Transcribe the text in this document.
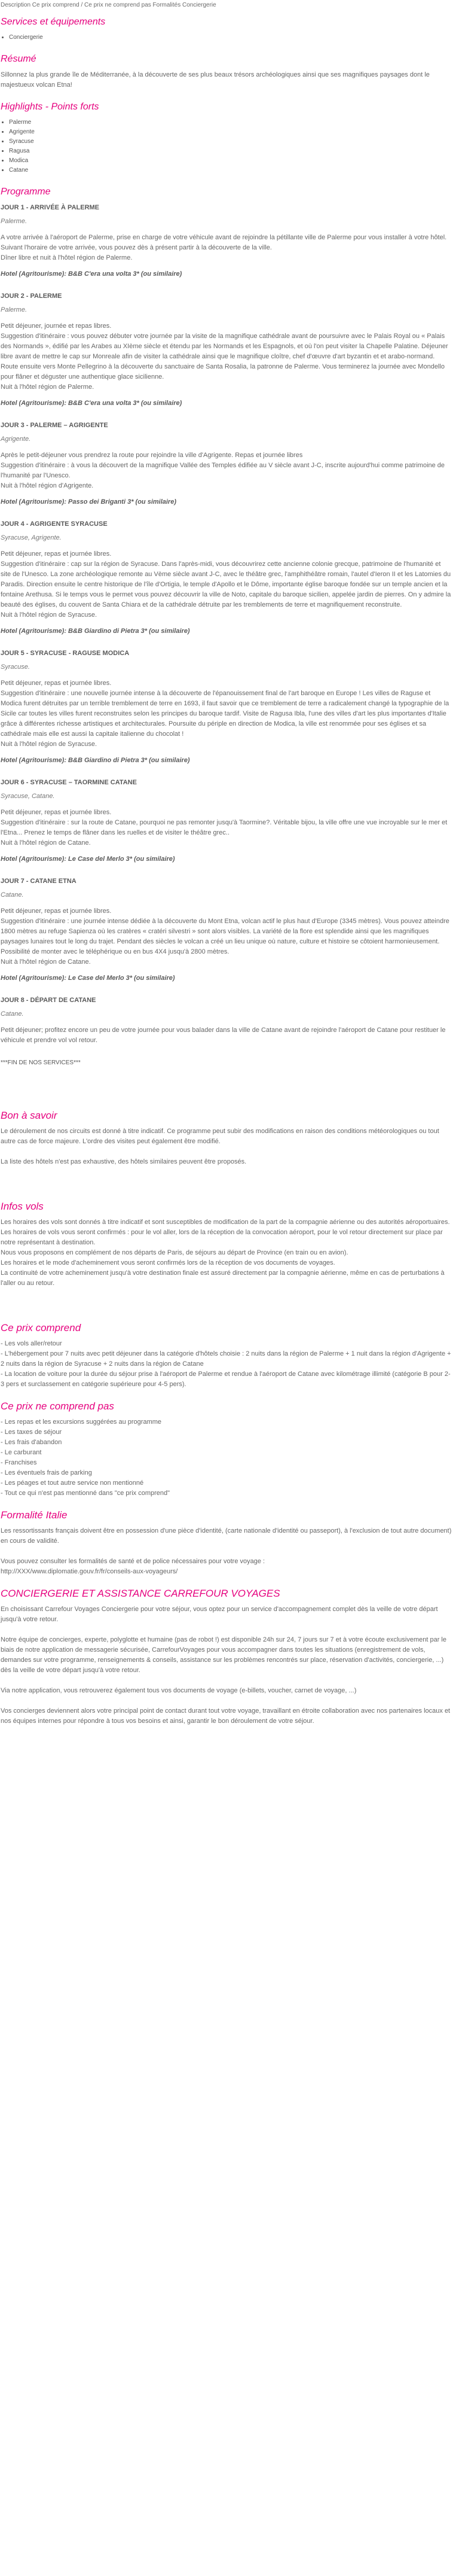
Description Ce prix comprend / Ce prix ne comprend pas Formalités Conciergerie
Services et équipements
• Conciergerie
Résumé

Sillonnez la plus grande île de Méditerranée, à la découverte de ses plus beaux trésors archéologiques ainsi que ses magnifiques paysages dont le majestueux volcan Etna!

Highlights - Points forts
• Palerme
• Agrigente
• Syracuse
• Ragusa
• Modica
• Catane
Programme

JOUR 1 - ARRIVÉE À PALERME

Palerme.

A votre arrivée à l'aéroport de Palerme, prise en charge de votre véhicule avant de rejoindre la pétillante ville de Palerme pour vous installer à votre hôtel. Suivant l'horaire de votre arrivée, vous pouvez dès à présent partir à la découverte de la ville.
Dîner libre et nuit à l'hôtel région de Palerme.

Hotel (Agritourisme): B&B C'era una volta 3* (ou similaire)

JOUR 2 - PALERME

Palerme.

Petit déjeuner, journée et repas libres.
Suggestion d'itinéraire : vous pouvez débuter votre journée par la visite de la magnifique cathédrale avant de poursuivre avec le Palais Royal ou « Palais des Normands », édifié par les Arabes au XIème siècle et étendu par les Normands et les Espagnols, et où l'on peut visiter la Chapelle Palatine. Déjeuner libre avant de mettre le cap sur Monreale afin de visiter la cathédrale ainsi que le magnifique cloître, chef d'œuvre d'art byzantin et et arabo-normand. Route ensuite vers Monte Pellegrino à la découverte du sanctuaire de Santa Rosalia, la patronne de Palerme. Vous terminerez la journée avec Mondello pour flâner et déguster une authentique glace sicilienne.
Nuit à l'hôtel région de Palerme.

Hotel (Agritourisme): B&B C'era una volta 3* (ou similaire)

JOUR 3 - PALERME – AGRIGENTE

Agrigente.

Après le petit-déjeuner vous prendrez la route pour rejoindre la ville d'Agrigente. Repas et journée libres
Suggestion d'itinéraire : à vous la découvert de la magnifique Vallée des Temples édifiée au V siècle avant J-C, inscrite aujourd'hui comme patrimoine de l'humanité par l'Unesco.
Nuit à l'hôtel région d'Agrigente.

Hotel (Agritourisme): Passo dei Briganti 3* (ou similaire)

JOUR 4 - AGRIGENTE SYRACUSE

Syracuse, Agrigente.

Petit déjeuner, repas et journée libres.
Suggestion d'itinéraire : cap sur la région de Syracuse. Dans l'après-midi, vous découvrirez cette ancienne colonie grecque, patrimoine de l'humanité et site de l'Unesco. La zone archéologique remonte au Vème siècle avant J-C, avec le théâtre grec, l'amphithéâtre romain, l'autel d'Ieron II et les Latomies du Paradis. Direction ensuite le centre historique de l'île d'Ortigia, le temple d'Apollo et le Dôme, importante église baroque fondée sur un temple ancien et la fontaine Arethusa. Si le temps vous le permet vous pouvez découvrir la ville de Noto, capitale du baroque sicilien, appelée jardin de pierres. On y admire la beauté des églises, du couvent de Santa Chiara et de la cathédrale détruite par les tremblements de terre et magnifiquement reconstruite.
Nuit à l'hôtel région de Syracuse.

Hotel (Agritourisme): B&B Giardino di Pietra 3* (ou similaire)

JOUR 5 - SYRACUSE - RAGUSE MODICA

Syracuse.

Petit déjeuner, repas et journée libres.
Suggestion d'itinéraire : une nouvelle journée intense à la découverte de l'épanouissement final de l'art baroque en Europe ! Les villes de Raguse et Modica furent détruites par un terrible tremblement de terre en 1693, il faut savoir que ce tremblement de terre a radicalement changé la typographie de la Sicile car toutes les villes furent reconstruites selon les principes du baroque tardif. Visite de Ragusa Ibla, l'une des villes d'art les plus importantes d'Italie grâce à différentes richesse artistiques et architecturales. Poursuite du périple en direction de Modica, la ville est renommée pour ses églises et sa cathédrale mais elle est aussi la capitale italienne du chocolat !
Nuit à l'hôtel région de Syracuse.

Hotel (Agritourisme): B&B Giardino di Pietra 3* (ou similaire)

JOUR 6 - SYRACUSE – TAORMINE CATANE

Syracuse, Catane.

Petit déjeuner, repas et journée libres.
Suggestion d'itinéraire : sur la route de Catane, pourquoi ne pas remonter jusqu'à Taormine?. Véritable bijou, la ville offre une vue incroyable sur le mer et l'Etna... Prenez le temps de flâner dans les ruelles et de visiter le théâtre grec..
Nuit à l'hôtel région de Catane.

Hotel (Agritourisme): Le Case del Merlo 3* (ou similaire)

JOUR 7 - CATANE ETNA

Catane.

Petit déjeuner, repas et journée libres.
Suggestion d'itinéraire : une journée intense dédiée à la découverte du Mont Etna, volcan actif le plus haut d'Europe (3345 mètres). Vous pouvez atteindre 1800 mètres au refuge Sapienza où les cratères « cratéri silvestri » sont alors visibles. La variété de la flore est splendide ainsi que les magnifiques paysages lunaires tout le long du trajet. Pendant des siècles le volcan a créé un lieu unique où nature, culture et histoire se côtoient harmonieusement. Possibilité de monter avec le téléphérique ou en bus 4X4 jusqu'à 2800 mètres.
Nuit à l'hôtel région de Catane.

Hotel (Agritourisme): Le Case del Merlo 3* (ou similaire)

JOUR 8 - DÉPART DE CATANE

Catane.

Petit déjeuner; profitez encore un peu de votre journée pour vous balader dans la ville de Catane avant de rejoindre l'aéroport de Catane pour restituer le véhicule et prendre vol vol retour.

***FIN DE NOS SERVICES***

Bon à savoir

Le déroulement de nos circuits est donné à titre indicatif. Ce programme peut subir des modifications en raison des conditions météorologiques ou tout autre cas de force majeure. L'ordre des visites peut également être modifié.

La liste des hôtels n'est pas exhaustive, des hôtels similaires peuvent être proposés.

Infos vols

Les horaires des vols sont donnés à titre indicatif et sont susceptibles de modification de la part de la compagnie aérienne ou des autorités aéroportuaires.
Les horaires de vols vous seront confirmés : pour le vol aller, lors de la réception de la convocation aéroport, pour le vol retour directement sur place par notre représentant à destination.
Nous vous proposons en complément de nos départs de Paris, de séjours au départ de Province (en train ou en avion).
Les horaires et le mode d'acheminement vous seront confirmés lors de la réception de vos documents de voyages.
La continuité de votre acheminement jusqu'à votre destination finale est assuré directement par la compagnie aérienne, même en cas de perturbations à l'aller ou au retour.

Ce prix comprend

- Les vols aller/retour
- L'hébergement pour 7 nuits avec petit déjeuner dans la catégorie d'hôtels choisie : 2 nuits dans la région de Palerme + 1 nuit dans la région d'Agrigente + 2 nuits dans la région de Syracuse + 2 nuits dans la région de Catane
- La location de voiture pour la durée du séjour prise à l'aéroport de Palerme et rendue à l'aéroport de Catane avec kilométrage illimité (catégorie B pour 2-3 pers et surclassement en catégorie supérieure pour 4-5 pers).

Ce prix ne comprend pas

- Les repas et les excursions suggérées au programme
- Les taxes de séjour
- Les frais d'abandon
- Le carburant
- Franchises
- Les éventuels frais de parking
- Les péages et tout autre service non mentionné
- Tout ce qui n'est pas mentionné dans "ce prix comprend"

Formalité Italie

Les ressortissants français doivent être en possession d'une pièce d'identité, (carte nationale d'identité ou passeport), à l'exclusion de tout autre document) en cours de validité.

Vous pouvez consulter les formalités de santé et de police nécessaires pour votre voyage :
http://XXX/www.diplomatie.gouv.fr/fr/conseils-aux-voyageurs/

CONCIERGERIE ET ASSISTANCE CARREFOUR VOYAGES

En choisissant Carrefour Voyages Conciergerie pour votre séjour, vous optez pour un service d'accompagnement complet dès la veille de votre départ jusqu'à votre retour.

Notre équipe de concierges, experte, polyglotte et humaine (pas de robot !) est disponible 24h sur 24, 7 jours sur 7 et à votre écoute exclusivement par le biais de notre application de messagerie sécurisée, CarrefourVoyages pour vous accompagner dans toutes les situations (enregistrement de vols, demandes sur votre programme, renseignements & conseils, assistance sur les problèmes rencontrés sur place, réservation d'activités, conciergerie, ...) dès la veille de votre départ jusqu'à votre retour.

Via notre application, vous retrouverez également tous vos documents de voyage (e-billets, voucher, carnet de voyage, ...)

Vos concierges deviennent alors votre principal point de contact durant tout votre voyage, travaillant en étroite collaboration avec nos partenaires locaux et nos équipes internes pour répondre à tous vos besoins et ainsi, garantir le bon déroulement de votre séjour.
